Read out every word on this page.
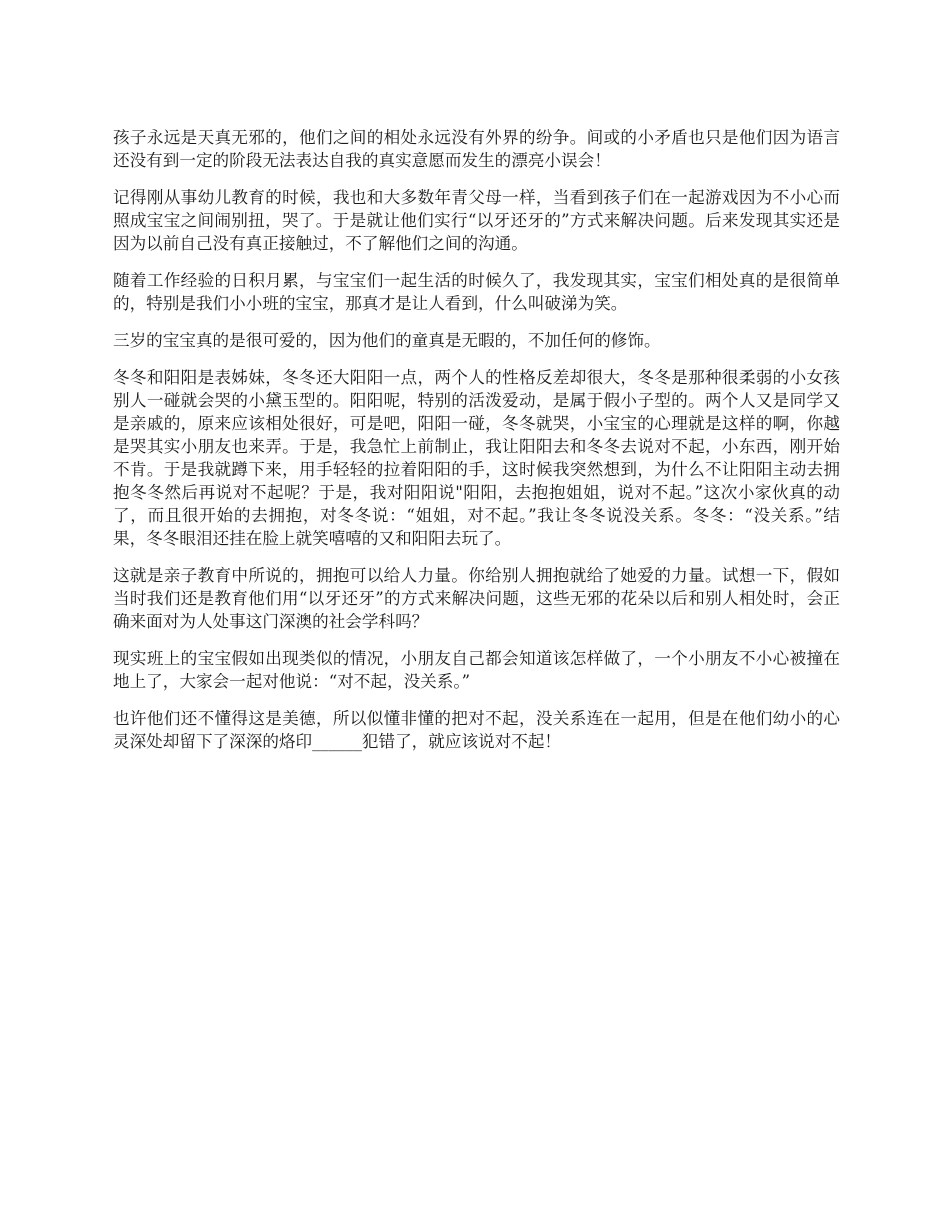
孩子永远是天真无邪的，他们之间的相处永远没有外界的纷争。间或的小矛盾也只是他们因为语言还没有到一定的阶段无法表达自我的真实意愿而发生的漂亮小误会！

记得刚从事幼儿教育的时候，我也和大多数年青父母一样，当看到孩子们在一起游戏因为不小心而照成宝宝之间闹别扭，哭了。于是就让他们实行“以牙还牙的”方式来解决问题。后来发现其实还是因为以前自己没有真正接触过，不了解他们之间的沟通。

随着工作经验的日积月累，与宝宝们一起生活的时候久了，我发现其实，宝宝们相处真的是很简单的，特别是我们小小班的宝宝，那真才是让人看到，什么叫破涕为笑。

三岁的宝宝真的是很可爱的，因为他们的童真是无暇的，不加任何的修饰。

冬冬和阳阳是表姊妹，冬冬还大阳阳一点，两个人的性格反差却很大，冬冬是那种很柔弱的小女孩别人一碰就会哭的小黛玉型的。阳阳呢，特别的活泼爱动，是属于假小子型的。两个人又是同学又是亲戚的，原来应该相处很好，可是吧，阳阳一碰，冬冬就哭，小宝宝的心理就是这样的啊，你越是哭其实小朋友也来弄。于是，我急忙上前制止，我让阳阳去和冬冬去说对不起，小东西，刚开始不肯。于是我就蹲下来，用手轻轻的拉着阳阳的手，这时候我突然想到，为什么不让阳阳主动去拥抱冬冬然后再说对不起呢？于是，我对阳阳说"阳阳，去抱抱姐姐，说对不起。”这次小家伙真的动了，而且很开始的去拥抱，对冬冬说：“姐姐，对不起。”我让冬冬说没关系。冬冬：“没关系。”结果，冬冬眼泪还挂在脸上就笑嘻嘻的又和阳阳去玩了。

这就是亲子教育中所说的，拥抱可以给人力量。你给别人拥抱就给了她爱的力量。试想一下，假如当时我们还是教育他们用“以牙还牙”的方式来解决问题，这些无邪的花朵以后和别人相处时，会正确来面对为人处事这门深澳的社会学科吗？

现实班上的宝宝假如出现类似的情况，小朋友自己都会知道该怎样做了，一个小朋友不小心被撞在地上了，大家会一起对他说：“对不起，没关系。”

也许他们还不懂得这是美德，所以似懂非懂的把对不起，没关系连在一起用，但是在他们幼小的心灵深处却留下了深深的烙印______犯错了，就应该说对不起！
